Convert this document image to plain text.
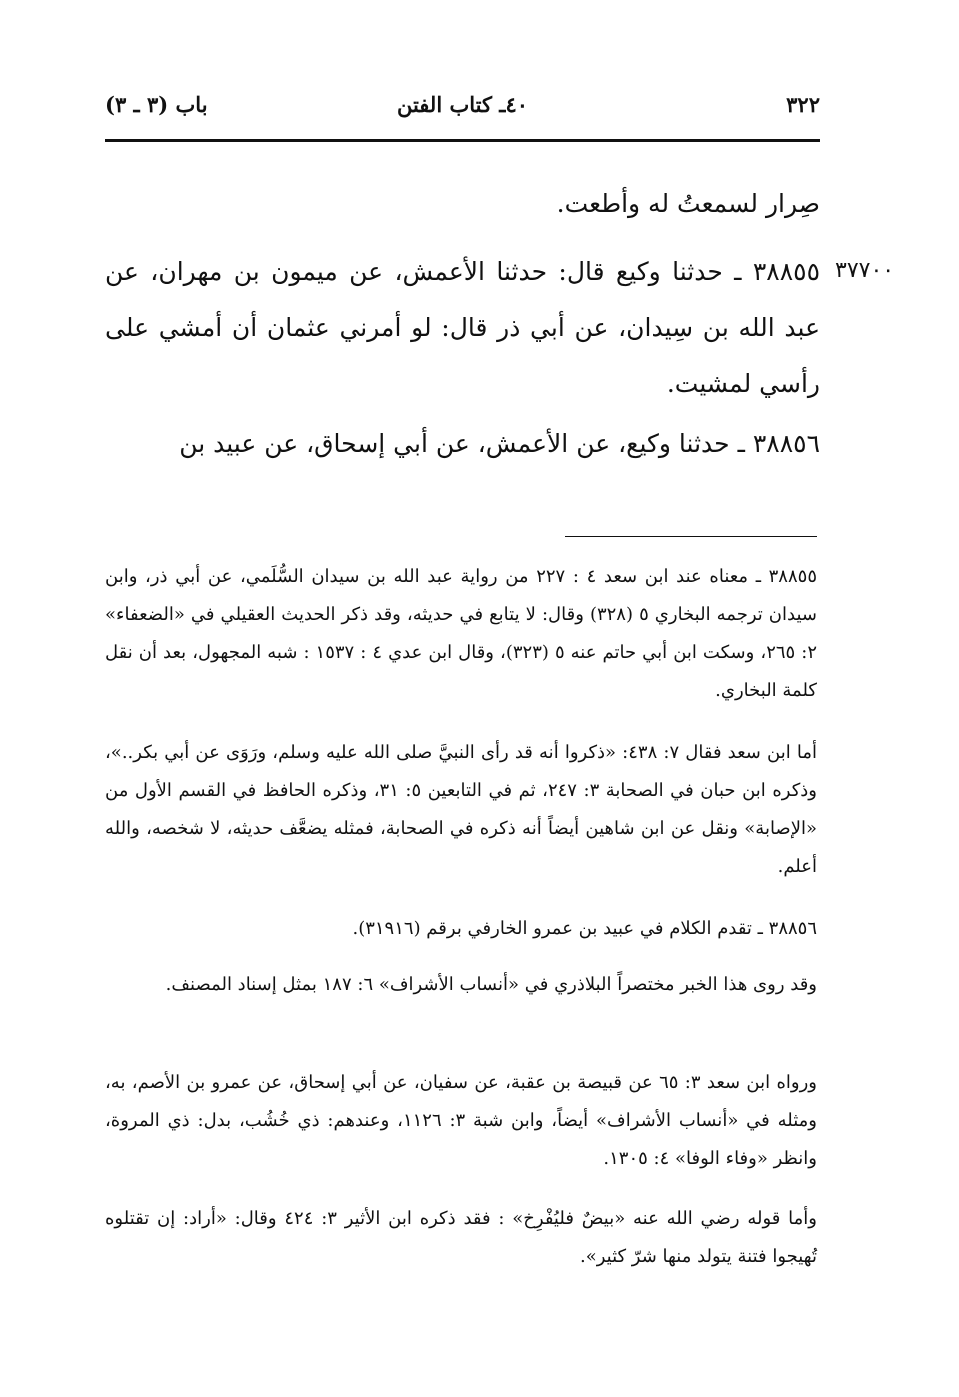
٣٢٢
٤٠ـ كتاب الفتن
باب (٣ ـ ٣)
صِرار لسمعتُ له وأطعت.
٣٧٧٠٠
٣٨٨٥٥ ـ حدثنا وكيع قال: حدثنا الأعمش، عن ميمون بن مهران، عن عبد الله بن سِيدان، عن أبي ذر قال: لو أمرني عثمان أن أمشي على رأسي لمشيت.
٣٨٨٥٦ ـ حدثنا وكيع، عن الأعمش، عن أبي إسحاق، عن عبيد بن
٣٨٨٥٥ ـ معناه عند ابن سعد ٤ : ٢٢٧ من رواية عبد الله بن سيدان السُّلَمي، عن أبي ذر، وابن سيدان ترجمه البخاري ٥ (٣٢٨) وقال: لا يتابع في حديثه، وقد ذكر الحديث العقيلي في «الضعفاء» ٢: ٢٦٥، وسكت ابن أبي حاتم عنه ٥ (٣٢٣)، وقال ابن عدي ٤ : ١٥٣٧ : شبه المجهول، بعد أن نقل كلمة البخاري.
أما ابن سعد فقال ٧: ٤٣٨: «ذكروا أنه قد رأى النبيَّ صلى الله عليه وسلم، ورَوَى عن أبي بكر..»، وذكره ابن حبان في الصحابة ٣: ٢٤٧، ثم في التابعين ٥: ٣١، وذكره الحافظ في القسم الأول من «الإصابة» ونقل عن ابن شاهين أيضاً أنه ذكره في الصحابة، فمثله يضعَّف حديثه، لا شخصه، والله أعلم.
٣٨٨٥٦ ـ تقدم الكلام في عبيد بن عمرو الخارفي برقم (٣١٩١٦).
وقد روى هذا الخبر مختصراً البلاذري في «أنساب الأشراف» ٦: ١٨٧ بمثل إسناد المصنف.
ورواه ابن سعد ٣: ٦٥ عن قبيصة بن عقبة، عن سفيان، عن أبي إسحاق، عن عمرو بن الأصم، به، ومثله في «أنساب الأشراف» أيضاً، وابن شبة ٣: ١١٢٦، وعندهم: ذي خُشُب، بدل: ذي المروة، وانظر «وفاء الوفا» ٤: ١٣٠٥.
وأما قوله رضي الله عنه «بيضٌ فليُفْرِخ» : فقد ذكره ابن الأثير ٣: ٤٢٤ وقال: «أراد: إن تقتلوه تُهيجوا فتنة يتولد منها شرّ كثير».
